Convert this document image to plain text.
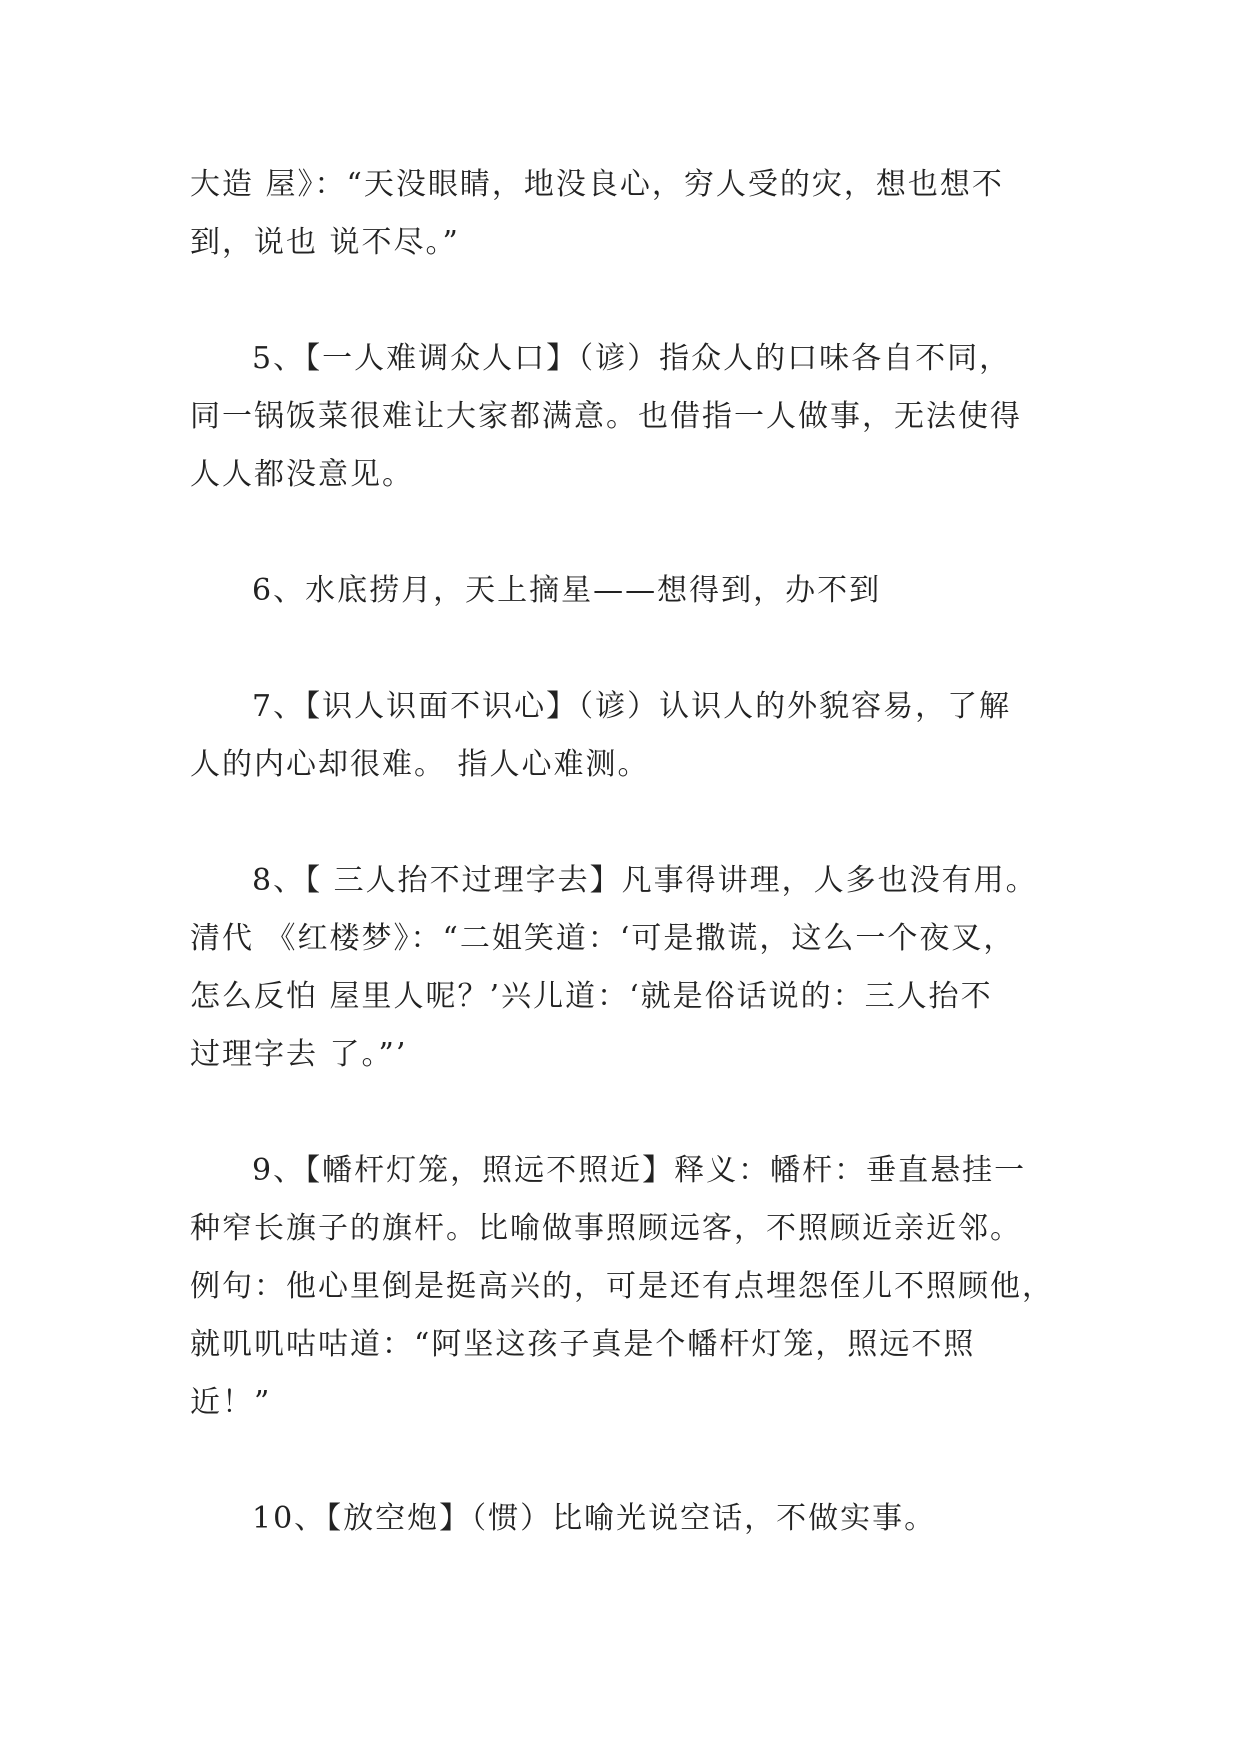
大造 屋》：“天没眼睛，地没良心，穷人受的灾，想也想不
到，说也 说不尽。”

5、【一人难调众人口】（谚）指众人的口味各自不同，
同一锅饭菜很难让大家都满意。也借指一人做事，无法使得
人人都没意见。

6、水底捞月，天上摘星——想得到，办不到

7、【识人识面不识心】（谚）认识人的外貌容易，了解
人的内心却很难。 指人心难测。

8、【 三人抬不过理字去】凡事得讲理，人多也没有用。
清代 《红楼梦》：“二姐笑道：‘可是撒谎，这么一个夜叉，
怎么反怕 屋里人呢？’兴儿道：‘就是俗话说的：三人抬不
过理字去 了。”’

9、【幡杆灯笼，照远不照近】释义：幡杆：垂直悬挂一
种窄长旗子的旗杆。比喻做事照顾远客，不照顾近亲近邻。
例句：他心里倒是挺高兴的，可是还有点埋怨侄儿不照顾他，
就叽叽咕咕道：“阿坚这孩子真是个幡杆灯笼，照远不照
近！”

10、【放空炮】（惯）比喻光说空话，不做实事。
